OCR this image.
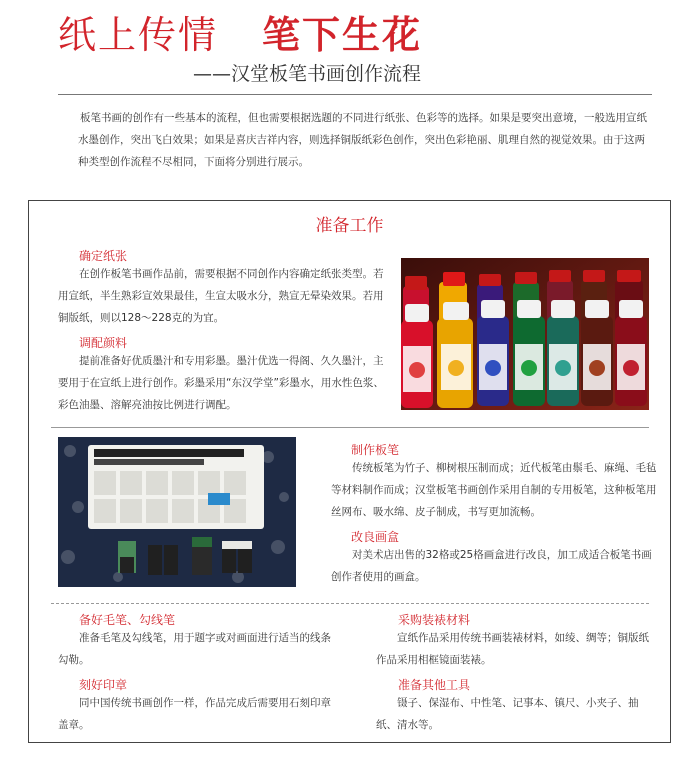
纸上传情 笔下生花
——汉堂板笔书画创作流程
板笔书画的创作有一些基本的流程，但也需要根据选题的不同进行纸张、色彩等的选择。如果是要突出意境，一般选用宣纸水墨创作，突出飞白效果；如果是喜庆吉祥内容，则选择铜版纸彩色创作，突出色彩艳丽、肌理自然的视觉效果。由于这两种类型创作流程不尽相同，下面将分别进行展示。
准备工作
确定纸张
在创作板笔书画作品前，需要根据不同创作内容确定纸张类型。若用宣纸，半生熟彩宣效果最佳，生宣太吸水分，熟宣无晕染效果。若用铜版纸，则以128～228克的为宜。
调配颜料
提前准备好优质墨汁和专用彩墨。墨汁优选一得阁、久久墨汁，主要用于在宣纸上进行创作。彩墨采用“东汉学堂”彩墨水，用水性色浆、彩色油墨、溶解亮油按比例进行调配。
制作板笔
传统板笔为竹子、柳树根压制而成；近代板笔由鬃毛、麻绳、毛毡等材料制作而成；汉堂板笔书画创作采用自制的专用板笔，这种板笔用丝网布、吸水绵、皮子制成，书写更加流畅。
改良画盒
对美术店出售的32格或25格画盒进行改良，加工成适合板笔书画创作者使用的画盒。
备好毛笔、勾线笔
准备毛笔及勾线笔，用于题字或对画面进行适当的线条勾勒。
采购装裱材料
宣纸作品采用传统书画装裱材料，如绫、绸等；铜版纸作品采用相框镜面装裱。
刻好印章
同中国传统书画创作一样，作品完成后需要用石刻印章盖章。
准备其他工具
镊子、保湿布、中性笔、记事本、镇尺、小夹子、抽纸、清水等。
